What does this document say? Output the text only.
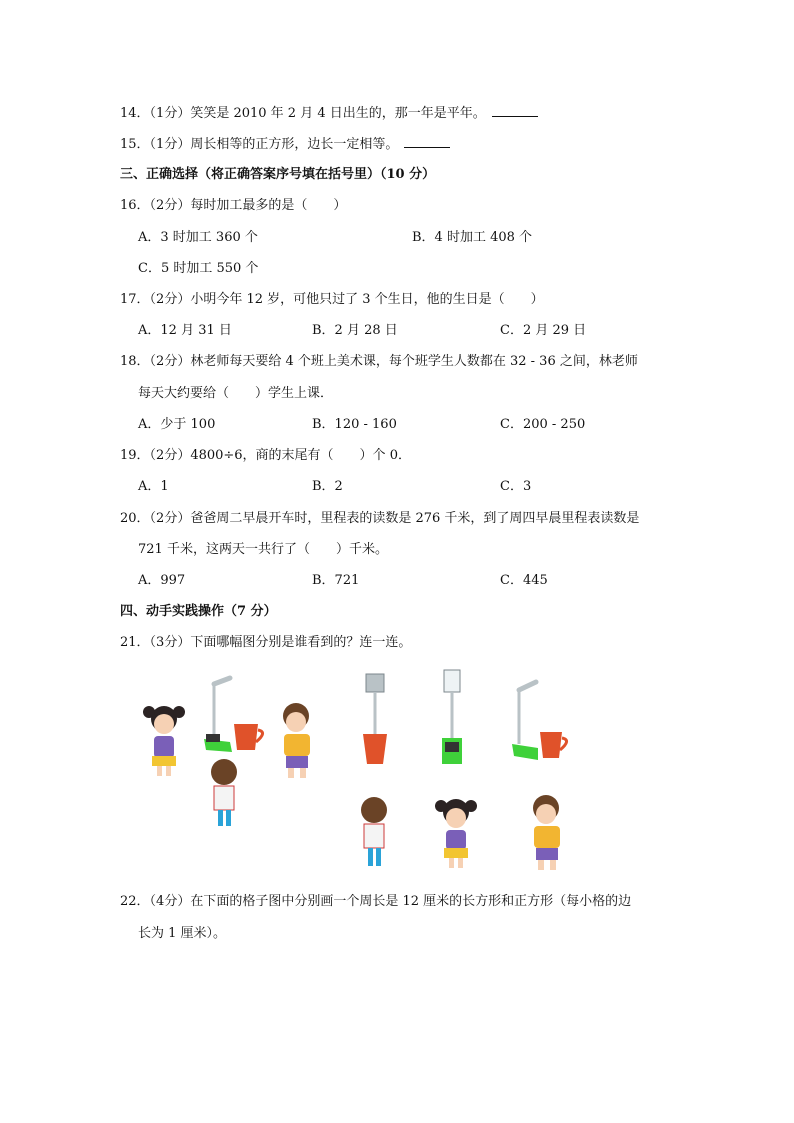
14．（1分）笑笑是 2010 年 2 月 4 日出生的，那一年是平年。
15．（1分）周长相等的正方形，边长一定相等。
三、正确选择（将正确答案序号填在括号里）（10 分）
16．（2分）每时加工最多的是（　　）
A．3 时加工 360 个	B．4 时加工 408 个
C．5 时加工 550 个
17．（2分）小明今年 12 岁，可他只过了 3 个生日，他的生日是（　　）
A．12 月 31 日	B．2 月 28 日	C．2 月 29 日
18．（2分）林老师每天要给 4 个班上美术课，每个班学生人数都在 32 - 36 之间，林老师
每天大约要给（　　）学生上课．
A．少于 100	B．120 - 160	C．200 - 250
19．（2分）4800÷6，商的末尾有（　　）个 0．
A．1	B．2	C．3
20．（2分）爸爸周二早晨开车时，里程表的读数是 276 千米，到了周四早晨里程表读数是
721 千米，这两天一共行了（　　）千米。
A．997	B．721	C．445
四、动手实践操作（7 分）
21．（3分）下面哪幅图分别是谁看到的？连一连。
22．（4分）在下面的格子图中分别画一个周长是 12 厘米的长方形和正方形（每小格的边
长为 1 厘米）。
